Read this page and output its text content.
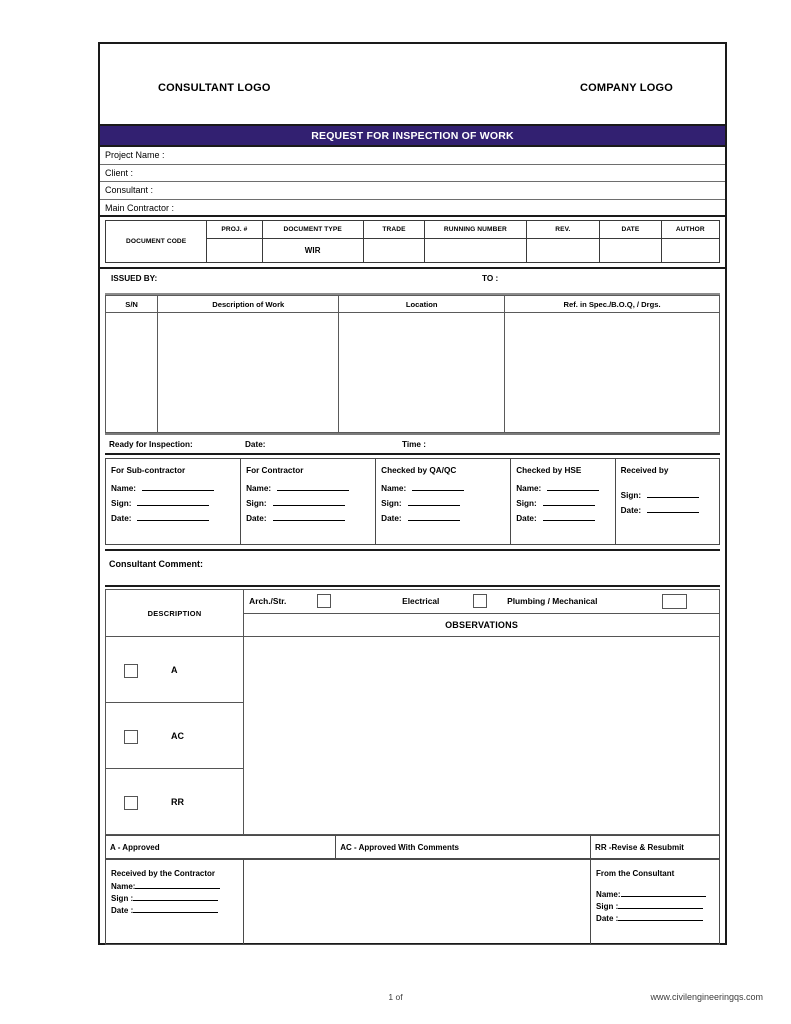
CONSULTANT LOGO	COMPANY LOGO
REQUEST FOR INSPECTION OF WORK
Project Name :
Client :
Consultant :
Main Contractor :
DOCUMENT CODE	PROJ. #	DOCUMENT TYPE	TRADE	RUNNING NUMBER	REV.	DATE	AUTHOR
		WIR					
ISSUED BY:	TO :
S/N	Description of Work	Location	Ref. in Spec./B.O.Q, / Drgs.

Ready for Inspection:	Date:	Time :
For Sub-contractor
Name:
Sign:
Date:

For Contractor
Name:
Sign:
Date:

Checked by QA/QC
Name:
Sign:
Date:

Checked by HSE
Name:
Sign:
Date:

Received by
Sign:
Date:
Consultant Comment:
DESCRIPTION	Arch./Str. Electrical Plumbing / Mechanical

	OBSERVATIONS

A	

AC	

RR	
A - Approved	AC - Approved With Comments	RR -Revise & Resubmit
Received by the Contractor
Name:
Sign :
Date :

From the Consultant
Name:
Sign :
Date :
1 of	www.civilengineeringqs.com
